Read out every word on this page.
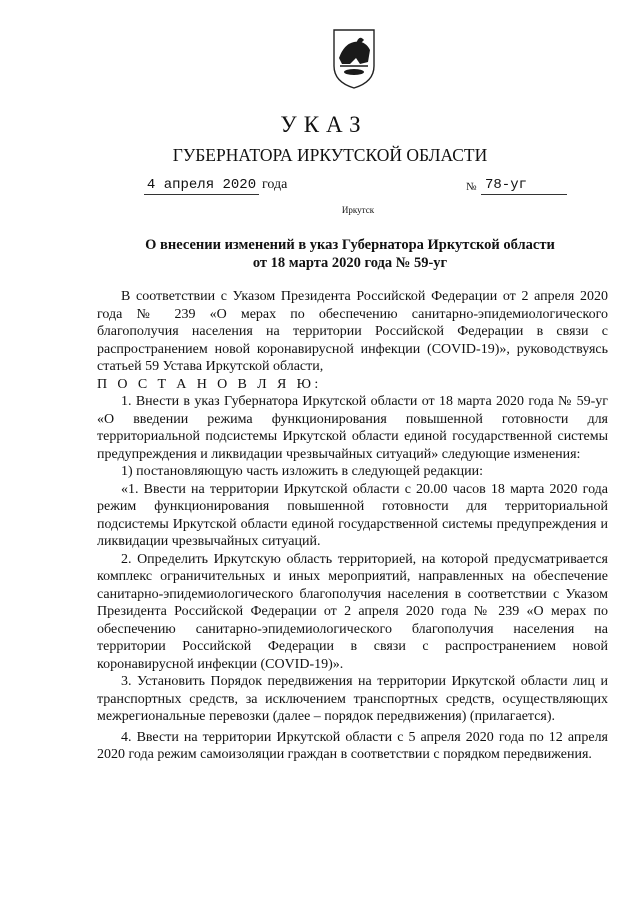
УКАЗ
ГУБЕРНАТОРА ИРКУТСКОЙ ОБЛАСТИ
4 апреля 2020 года	№ 78-уг
Иркутск
О внесении изменений в указ Губернатора Иркутской области
от 18 марта 2020 года № 59-уг

В соответствии с Указом Президента Российской Федерации от 2 апреля 2020 года № 239 «О мерах по обеспечению санитарно-эпидемиологического благополучия населения на территории Российской Федерации в связи с распространением новой коронавирусной инфекции (COVID-19)», руководствуясь статьей 59 Устава Иркутской области,

П О С Т А Н О В Л Я Ю:

1. Внести в указ Губернатора Иркутской области от 18 марта 2020 года № 59-уг «О введении режима функционирования повышенной готовности для территориальной подсистемы Иркутской области единой государственной системы предупреждения и ликвидации чрезвычайных ситуаций» следующие изменения:

1) постановляющую часть изложить в следующей редакции:

«1. Ввести на территории Иркутской области с 20.00 часов 18 марта 2020 года режим функционирования повышенной готовности для территориальной подсистемы Иркутской области единой государственной системы предупреждения и ликвидации чрезвычайных ситуаций.

2. Определить Иркутскую область территорией, на которой предусматривается комплекс ограничительных и иных мероприятий, направленных на обеспечение санитарно-эпидемиологического благополучия населения в соответствии с Указом Президента Российской Федерации от 2 апреля 2020 года № 239 «О мерах по обеспечению санитарно-эпидемиологического благополучия населения на территории Российской Федерации в связи с распространением новой коронавирусной инфекции (COVID-19)».

3. Установить Порядок передвижения на территории Иркутской области лиц и транспортных средств, за исключением транспортных средств, осуществляющих межрегиональные перевозки (далее – порядок передвижения) (прилагается).

4. Ввести на территории Иркутской области с 5 апреля 2020 года по 12 апреля 2020 года режим самоизоляции граждан в соответствии с порядком передвижения.
